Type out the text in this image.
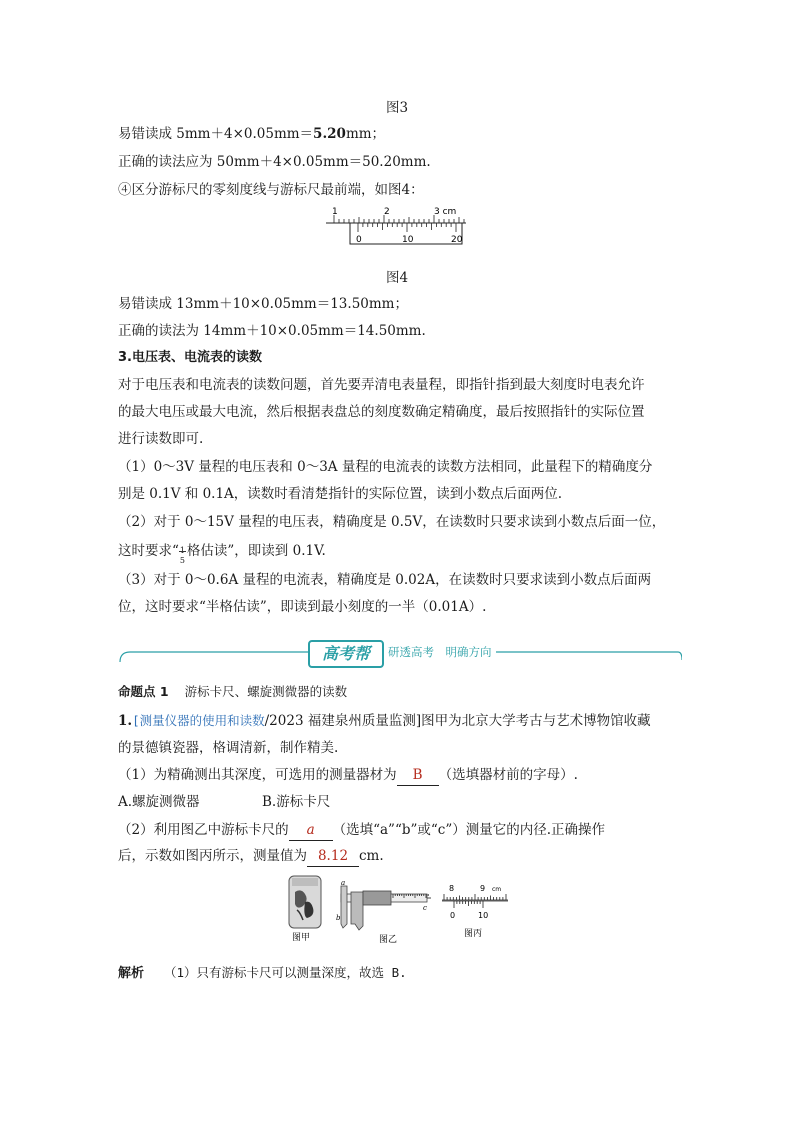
图3
易错读成 5mm＋4×0.05mm＝5.20mm；
正确的读法应为 50mm＋4×0.05mm＝50.20mm.
④区分游标尺的零刻度线与游标尺最前端，如图4：
1	2	3 cm
0	10	20
图4
易错读成 13mm＋10×0.05mm＝13.50mm；
正确的读法为 14mm＋10×0.05mm＝14.50mm.
3.电压表、电流表的读数
对于电压表和电流表的读数问题，首先要弄清电表量程，即指针指到最大刻度时电表允许
的最大电压或最大电流，然后根据表盘总的刻度数确定精确度，最后按照指针的实际位置
进行读数即可.
（1）0～3V 量程的电压表和 0～3A 量程的电流表的读数方法相同，此量程下的精确度分
别是 0.1V 和 0.1A，读数时看清楚指针的实际位置，读到小数点后面两位.
（2）对于 0～15V 量程的电压表，精确度是 0.5V，在读数时只要求读到小数点后面一位，
这时要求“ 1
5
格估读”，即读到 0.1V.
（3）对于 0～0.6A 量程的电流表，精确度是 0.02A，在读数时只要求读到小数点后面两
位，这时要求“半格估读”，即读到最小刻度的一半（0.01A）.
高考帮	研透高考　明确方向
命题点 1 游标卡尺、螺旋测微器的读数
1.[测量仪器的使用和读数/2023 福建泉州质量监测]图甲为北京大学考古与艺术博物馆收藏
的景德镇瓷器，格调清新，制作精美.
（1）为精确测出其深度，可选用的测量器材为 B （选填器材前的字母）.
A.螺旋测微器	B.游标卡尺
（2）利用图乙中游标卡尺的 a （选填“a”“b”或“c”）测量它的内径.正确操作
后，示数如图丙所示，测量值为 8.12 cm.
图甲
a
b
c
图乙
8	9 cm
0	10
图丙
解析 （1）只有游标卡尺可以测量深度，故选 B.
